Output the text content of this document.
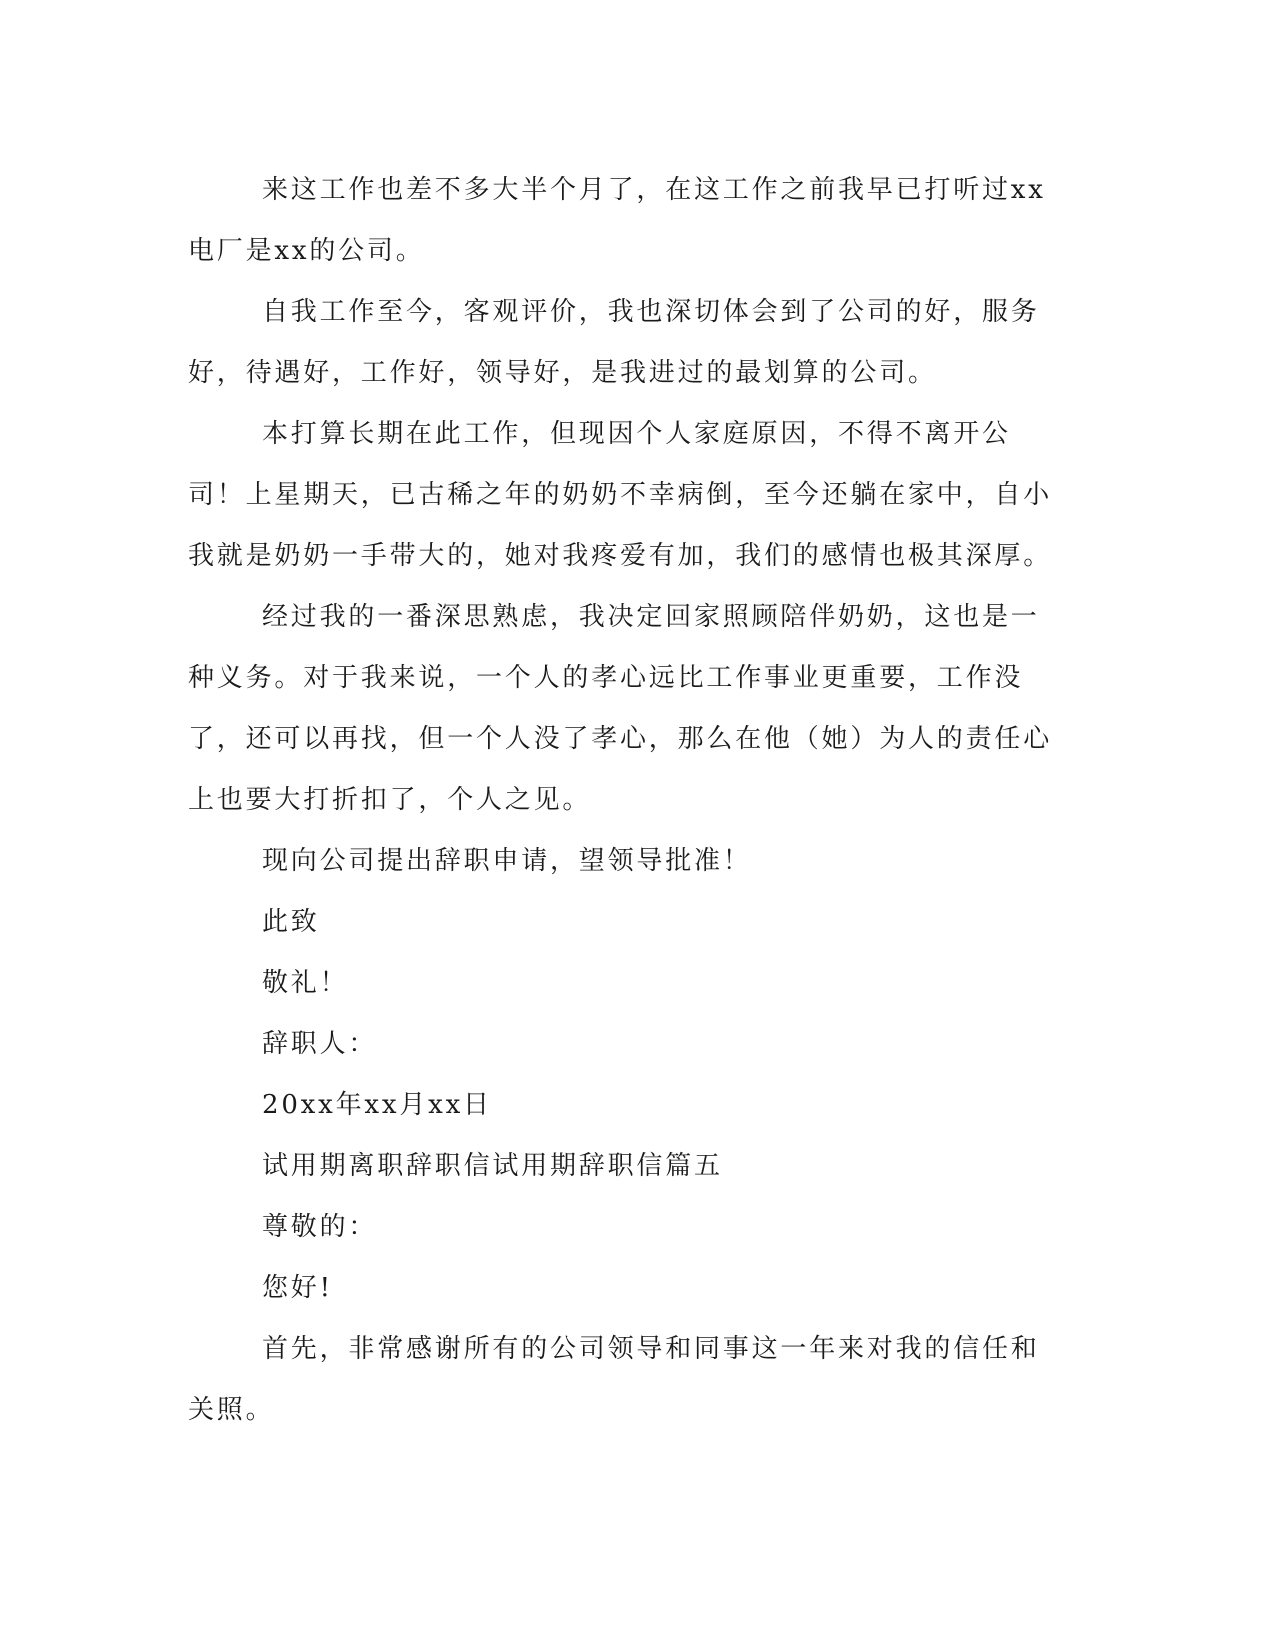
来这工作也差不多大半个月了，在这工作之前我早已打听过xx电厂是xx的公司。

自我工作至今，客观评价，我也深切体会到了公司的好，服务好，待遇好，工作好，领导好，是我进过的最划算的公司。

本打算长期在此工作，但现因个人家庭原因，不得不离开公司！上星期天，已古稀之年的奶奶不幸病倒，至今还躺在家中，自小我就是奶奶一手带大的，她对我疼爱有加，我们的感情也极其深厚。

经过我的一番深思熟虑，我决定回家照顾陪伴奶奶，这也是一种义务。对于我来说，一个人的孝心远比工作事业更重要，工作没了，还可以再找，但一个人没了孝心，那么在他（她）为人的责任心上也要大打折扣了，个人之见。

现向公司提出辞职申请，望领导批准！

此致

敬礼！

辞职人：

20xx年xx月xx日

试用期离职辞职信试用期辞职信篇五

尊敬的：

您好!

首先，非常感谢所有的公司领导和同事这一年来对我的信任和关照。
